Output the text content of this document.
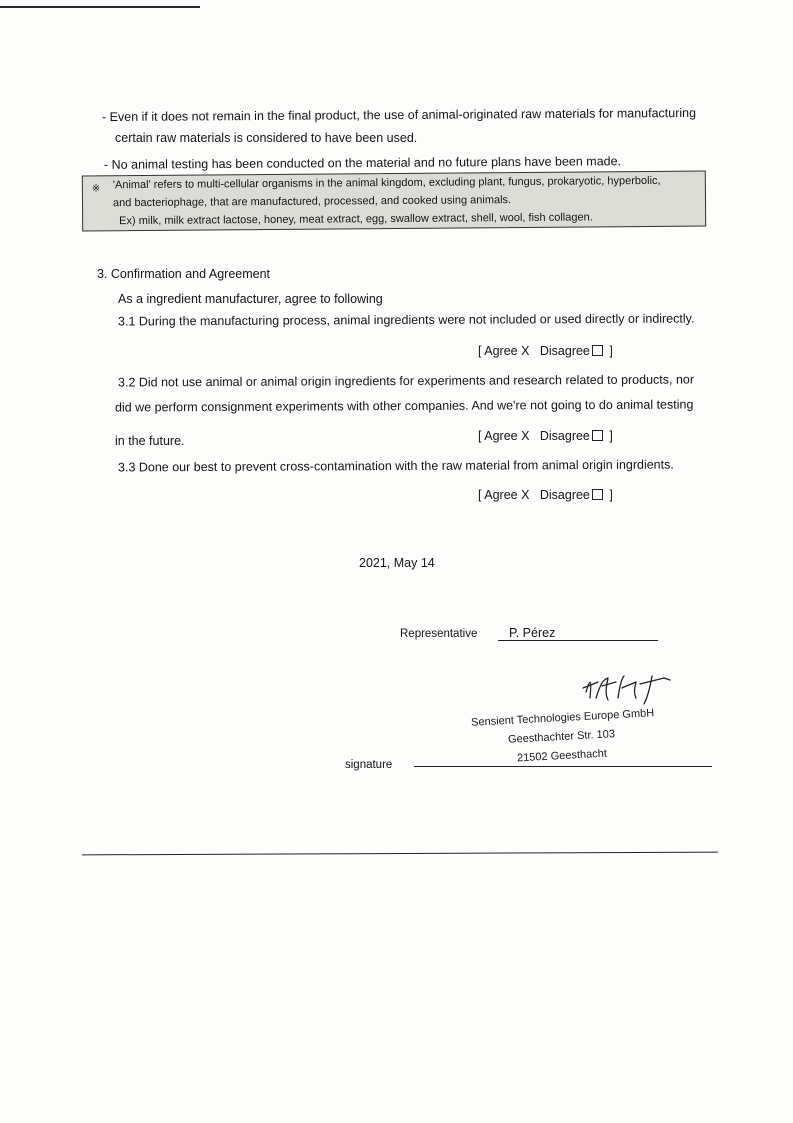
- Even if it does not remain in the final product, the use of animal-originated raw materials for manufacturing
certain raw materials is considered to have been used.
- No animal testing has been conducted on the material and no future plans have been made.
※ 'Animal' refers to multi-cellular organisms in the animal kingdom, excluding plant, fungus, prokaryotic, hyperbolic,
and bacteriophage, that are manufactured, processed, and cooked using animals.
Ex) milk, milk extract lactose, honey, meat extract, egg, swallow extract, shell, wool, fish collagen.
3. Confirmation and Agreement
As a ingredient manufacturer, agree to following
3.1 During the manufacturing process, animal ingredients were not included or used directly or indirectly.
[ Agree X Disagree ]
3.2 Did not use animal or animal origin ingredients for experiments and research related to products, nor
did we perform consignment experiments with other companies. And we're not going to do animal testing
in the future.	[ Agree X Disagree ]
3.3 Done our best to prevent cross-contamination with the raw material from animal origin ingrdients.
[ Agree X Disagree ]
2021, May 14
Representative	P. Pérez
Sensient Technologies Europe GmbH
Geesthachter Str. 103
21502 Geesthacht
signature
